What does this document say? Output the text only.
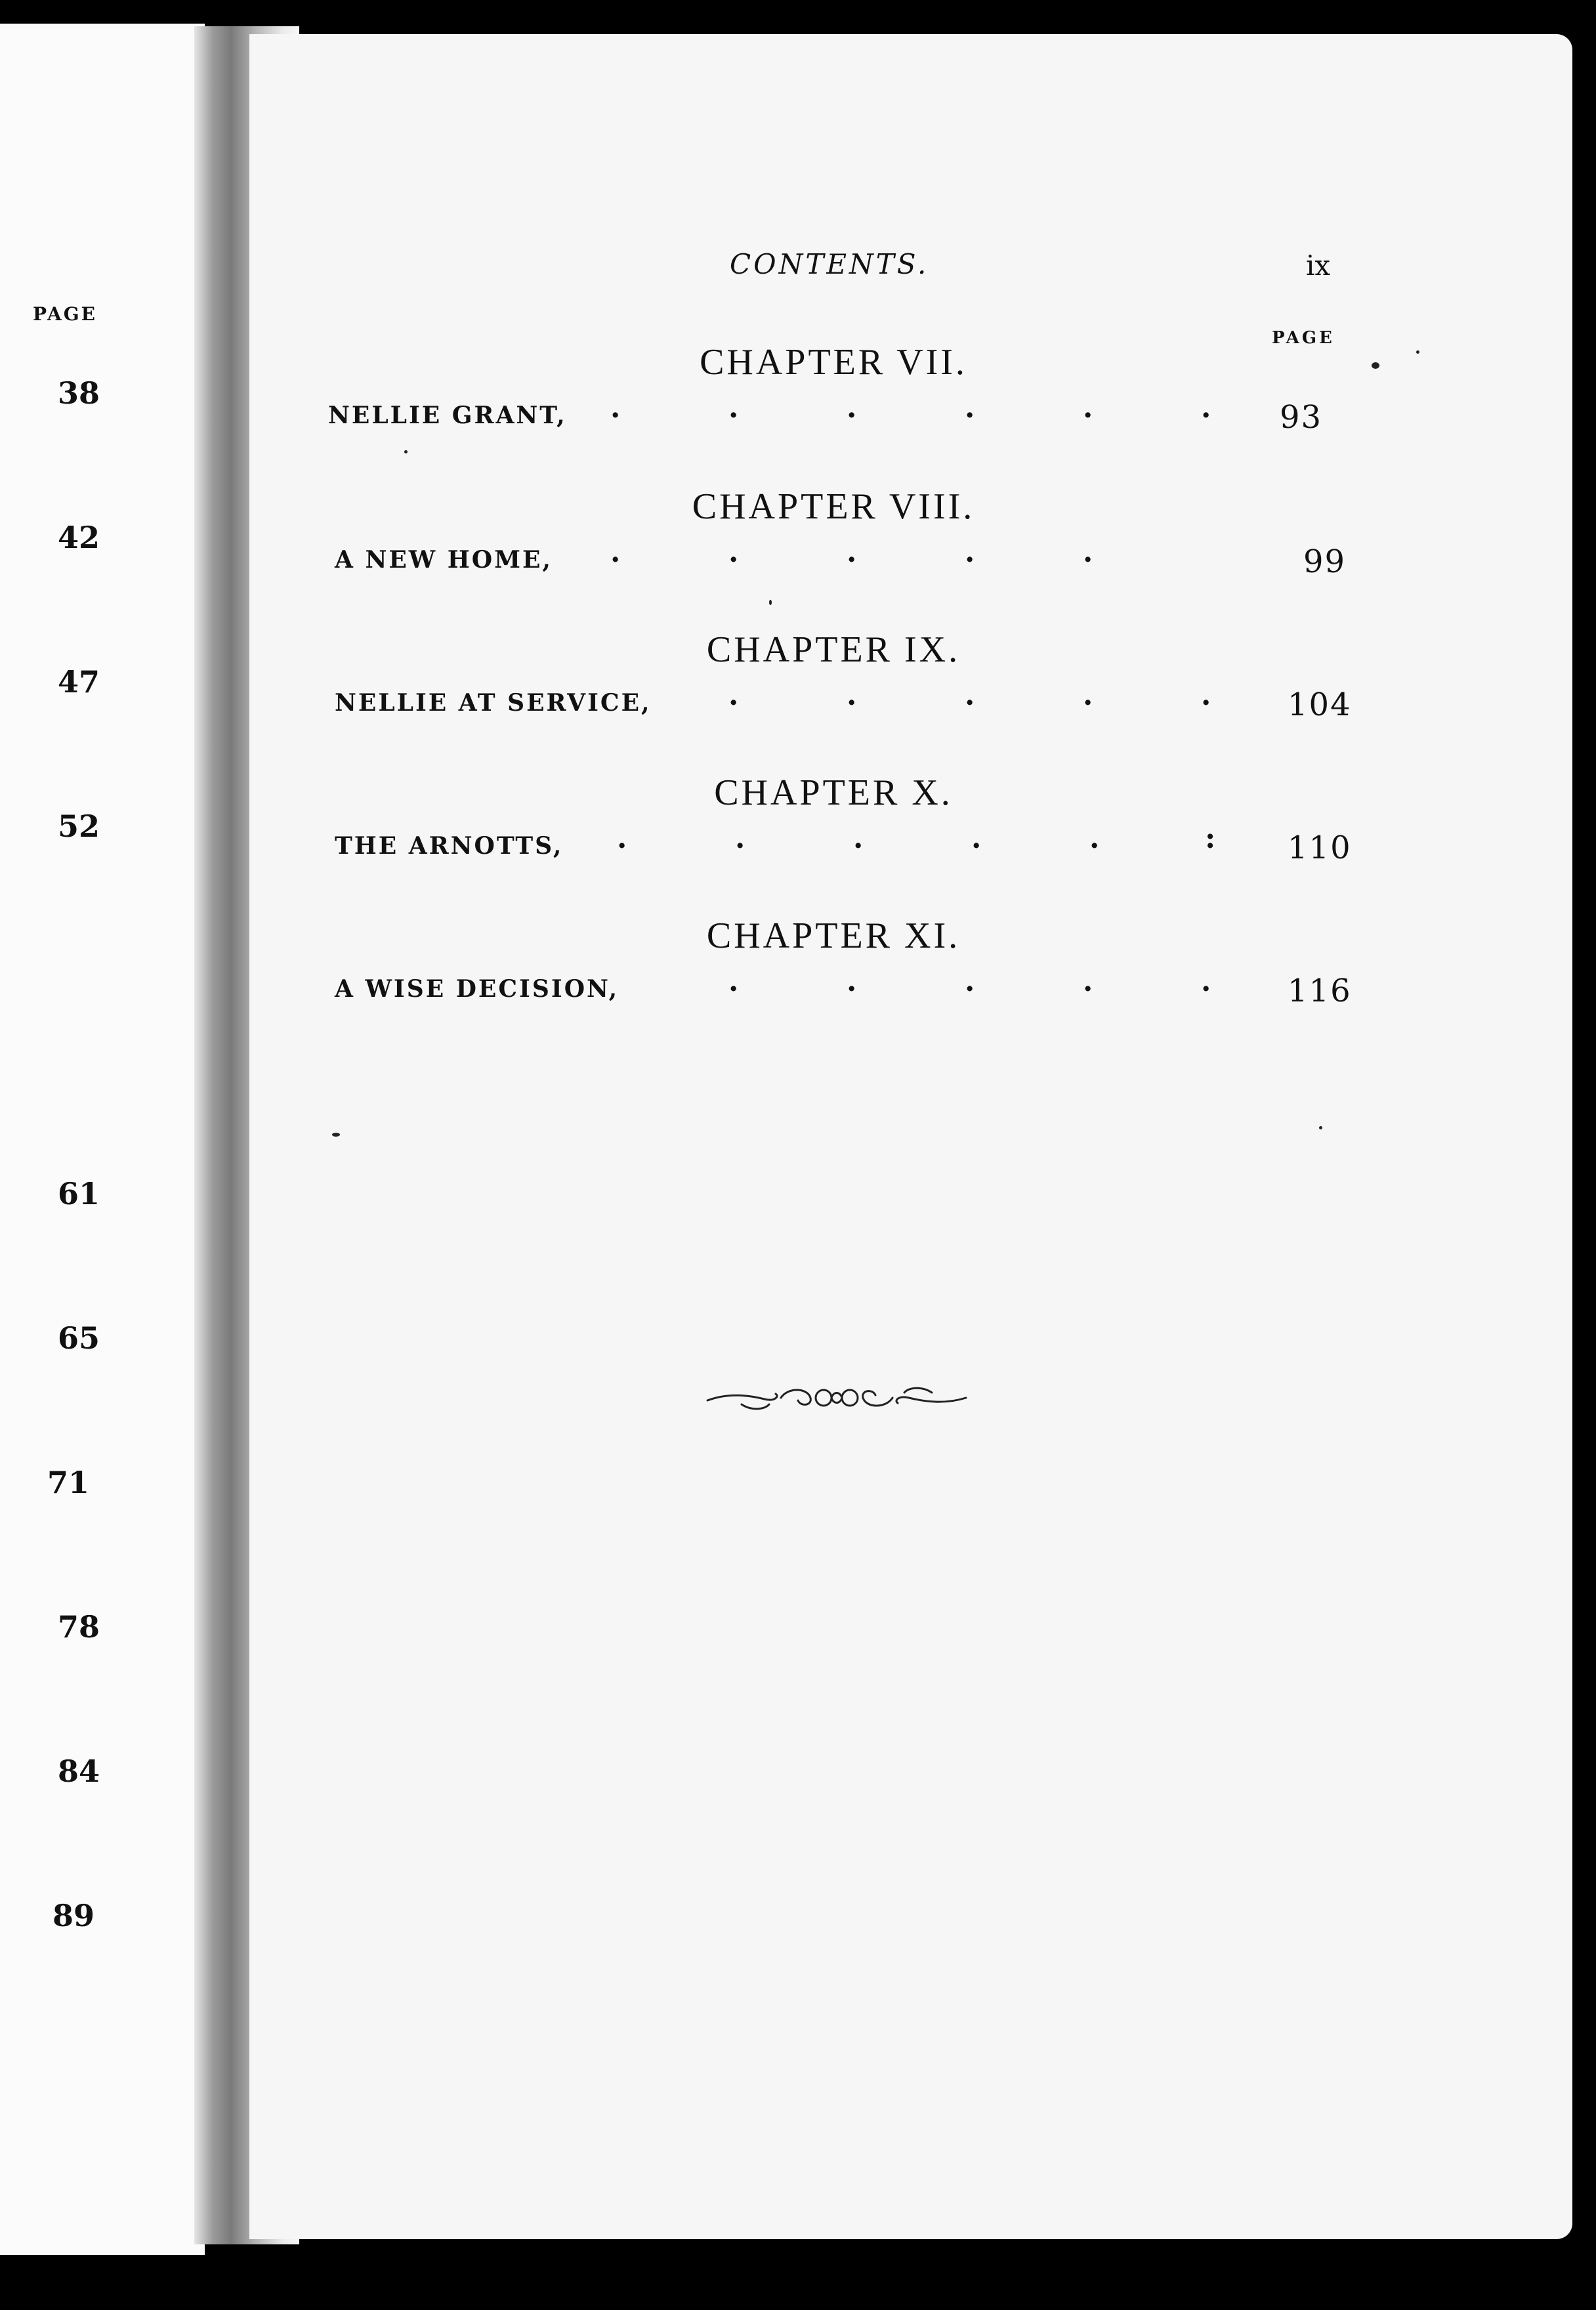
PAGE
38
42
47
52
61
65
71
78
84
89
CONTENTS.	ix
PAGE
CHAPTER VII.
NELLIE GRANT, .	.	.	.	.	. 93
CHAPTER VIII.
A NEW HOME, .	.	.	.	.	99
CHAPTER IX.
NELLIE AT SERVICE,	.	.	.	.	. 104
CHAPTER X.
THE ARNOTTS, .	.	.	.	.	: 110
CHAPTER XI.
A WISE DECISION,	.	.	.	.	. 116
